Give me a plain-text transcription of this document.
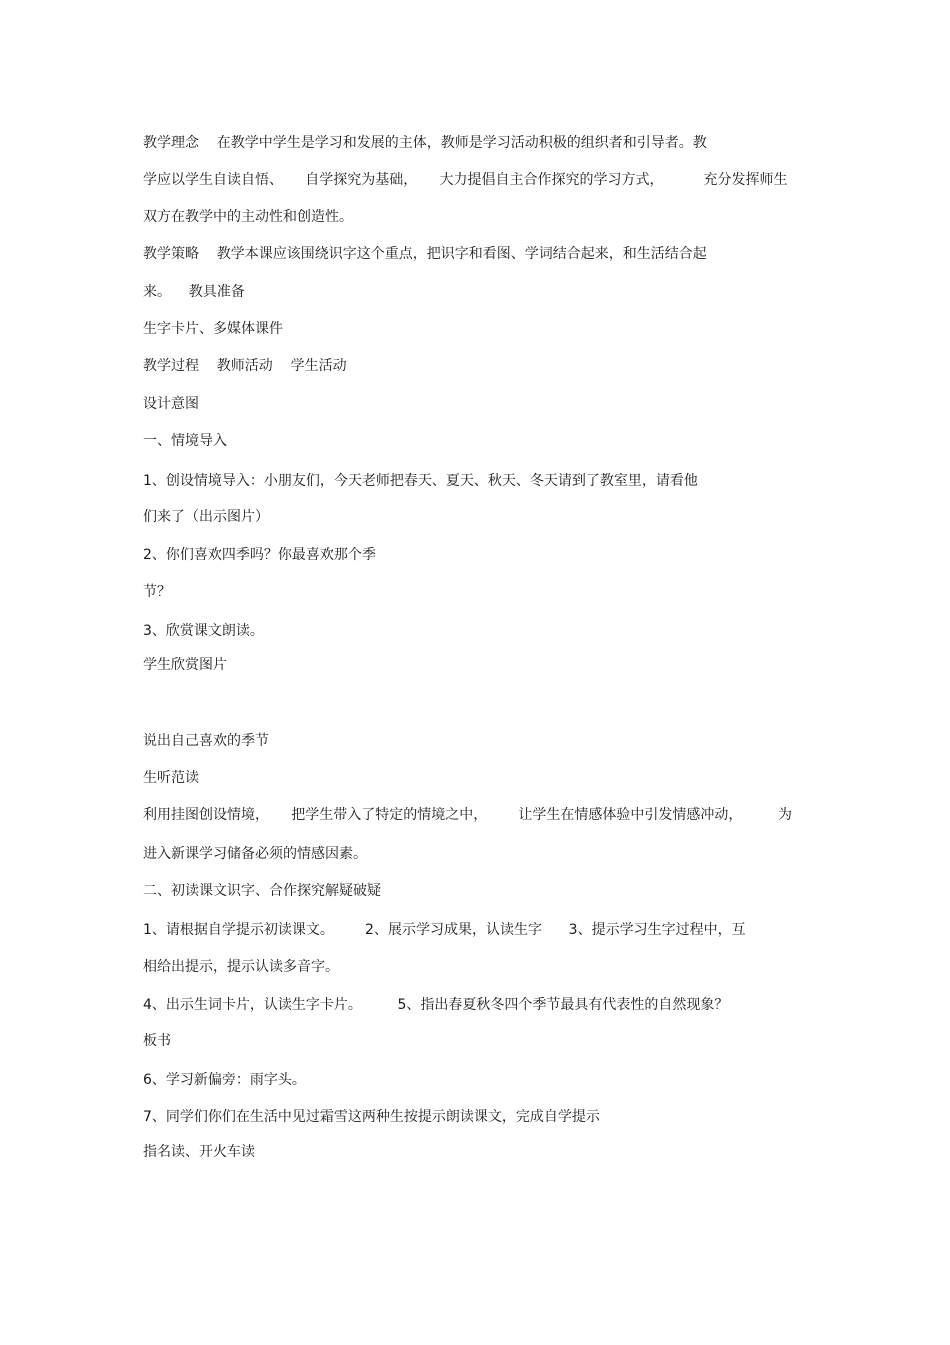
教学理念    在教学中学生是学习和发展的主体，教师是学习活动积极的组织者和引导者。教
学应以学生自读自悟、     自学探究为基础，     大力提倡自主合作探究的学习方式，         充分发挥师生
双方在教学中的主动性和创造性。
教学策略    教学本课应该围绕识字这个重点，把识字和看图、学词结合起来，和生活结合起
来。    教具准备
生字卡片、多媒体课件
教学过程    教师活动    学生活动
设计意图
一、情境导入
1、创设情境导入：小朋友们，今天老师把春天、夏天、秋天、冬天请到了教室里，请看他
们来了（出示图片）
2、你们喜欢四季吗？你最喜欢那个季
节？
3、欣赏课文朗读。
学生欣赏图片
说出自己喜欢的季节
生听范读
利用挂图创设情境，     把学生带入了特定的情境之中，       让学生在情感体验中引发情感冲动，        为
进入新课学习储备必须的情感因素。
二、初读课文识字、合作探究解疑破疑
1、请根据自学提示初读课文。       2、展示学习成果，认读生字      3、提示学习生字过程中，互
相给出提示，提示认读多音字。
4、出示生词卡片，认读生字卡片。        5、指出春夏秋冬四个季节最具有代表性的自然现象？
板书
6、学习新偏旁：雨字头。
7、同学们你们在生活中见过霜雪这两种生按提示朗读课文，完成自学提示
指名读、开火车读
